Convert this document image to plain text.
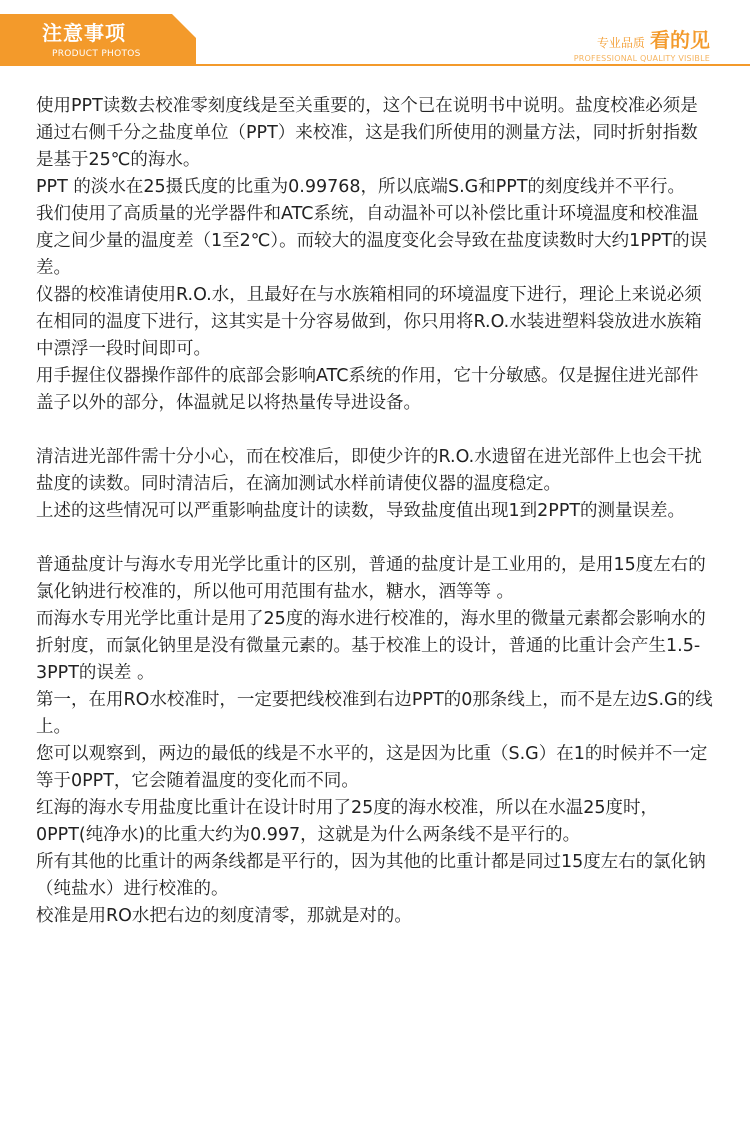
注意事项
PRODUCT PHOTOS
专业品质 看的见
PROFESSIONAL QUALITY VISIBLE

使用PPT读数去校准零刻度线是至关重要的，这个已在说明书中说明。盐度校准必须是通过右侧千分之盐度单位（PPT）来校准，这是我们所使用的测量方法，同时折射指数是基于25℃的海水。

PPT 的淡水在25摄氏度的比重为0.99768，所以底端S.G和PPT的刻度线并不平行。

我们使用了高质量的光学器件和ATC系统，自动温补可以补偿比重计环境温度和校准温度之间少量的温度差（1至2℃）。而较大的温度变化会导致在盐度读数时大约1PPT的误差。

仪器的校准请使用R.O.水，且最好在与水族箱相同的环境温度下进行，理论上来说必须在相同的温度下进行，这其实是十分容易做到，你只用将R.O.水装进塑料袋放进水族箱中漂浮一段时间即可。

用手握住仪器操作部件的底部会影响ATC系统的作用，它十分敏感。仅是握住进光部件盖子以外的部分，体温就足以将热量传导进设备。

清洁进光部件需十分小心，而在校准后，即使少许的R.O.水遗留在进光部件上也会干扰盐度的读数。同时清洁后，在滴加测试水样前请使仪器的温度稳定。

上述的这些情况可以严重影响盐度计的读数，导致盐度值出现1到2PPT的测量误差。

普通盐度计与海水专用光学比重计的区别，普通的盐度计是工业用的，是用15度左右的氯化钠进行校准的，所以他可用范围有盐水，糖水，酒等等 。

而海水专用光学比重计是用了25度的海水进行校准的，海水里的微量元素都会影响水的折射度，而氯化钠里是没有微量元素的。基于校准上的设计，普通的比重计会产生1.5-3PPT的误差 。

第一，在用RO水校准时，一定要把线校准到右边PPT的0那条线上，而不是左边S.G的线上。

您可以观察到，两边的最低的线是不水平的，这是因为比重（S.G）在1的时候并不一定等于0PPT，它会随着温度的变化而不同。

红海的海水专用盐度比重计在设计时用了25度的海水校准，所以在水温25度时，0PPT(纯净水)的比重大约为0.997，这就是为什么两条线不是平行的。

所有其他的比重计的两条线都是平行的，因为其他的比重计都是同过15度左右的氯化钠（纯盐水）进行校准的。

校准是用RO水把右边的刻度清零，那就是对的。
